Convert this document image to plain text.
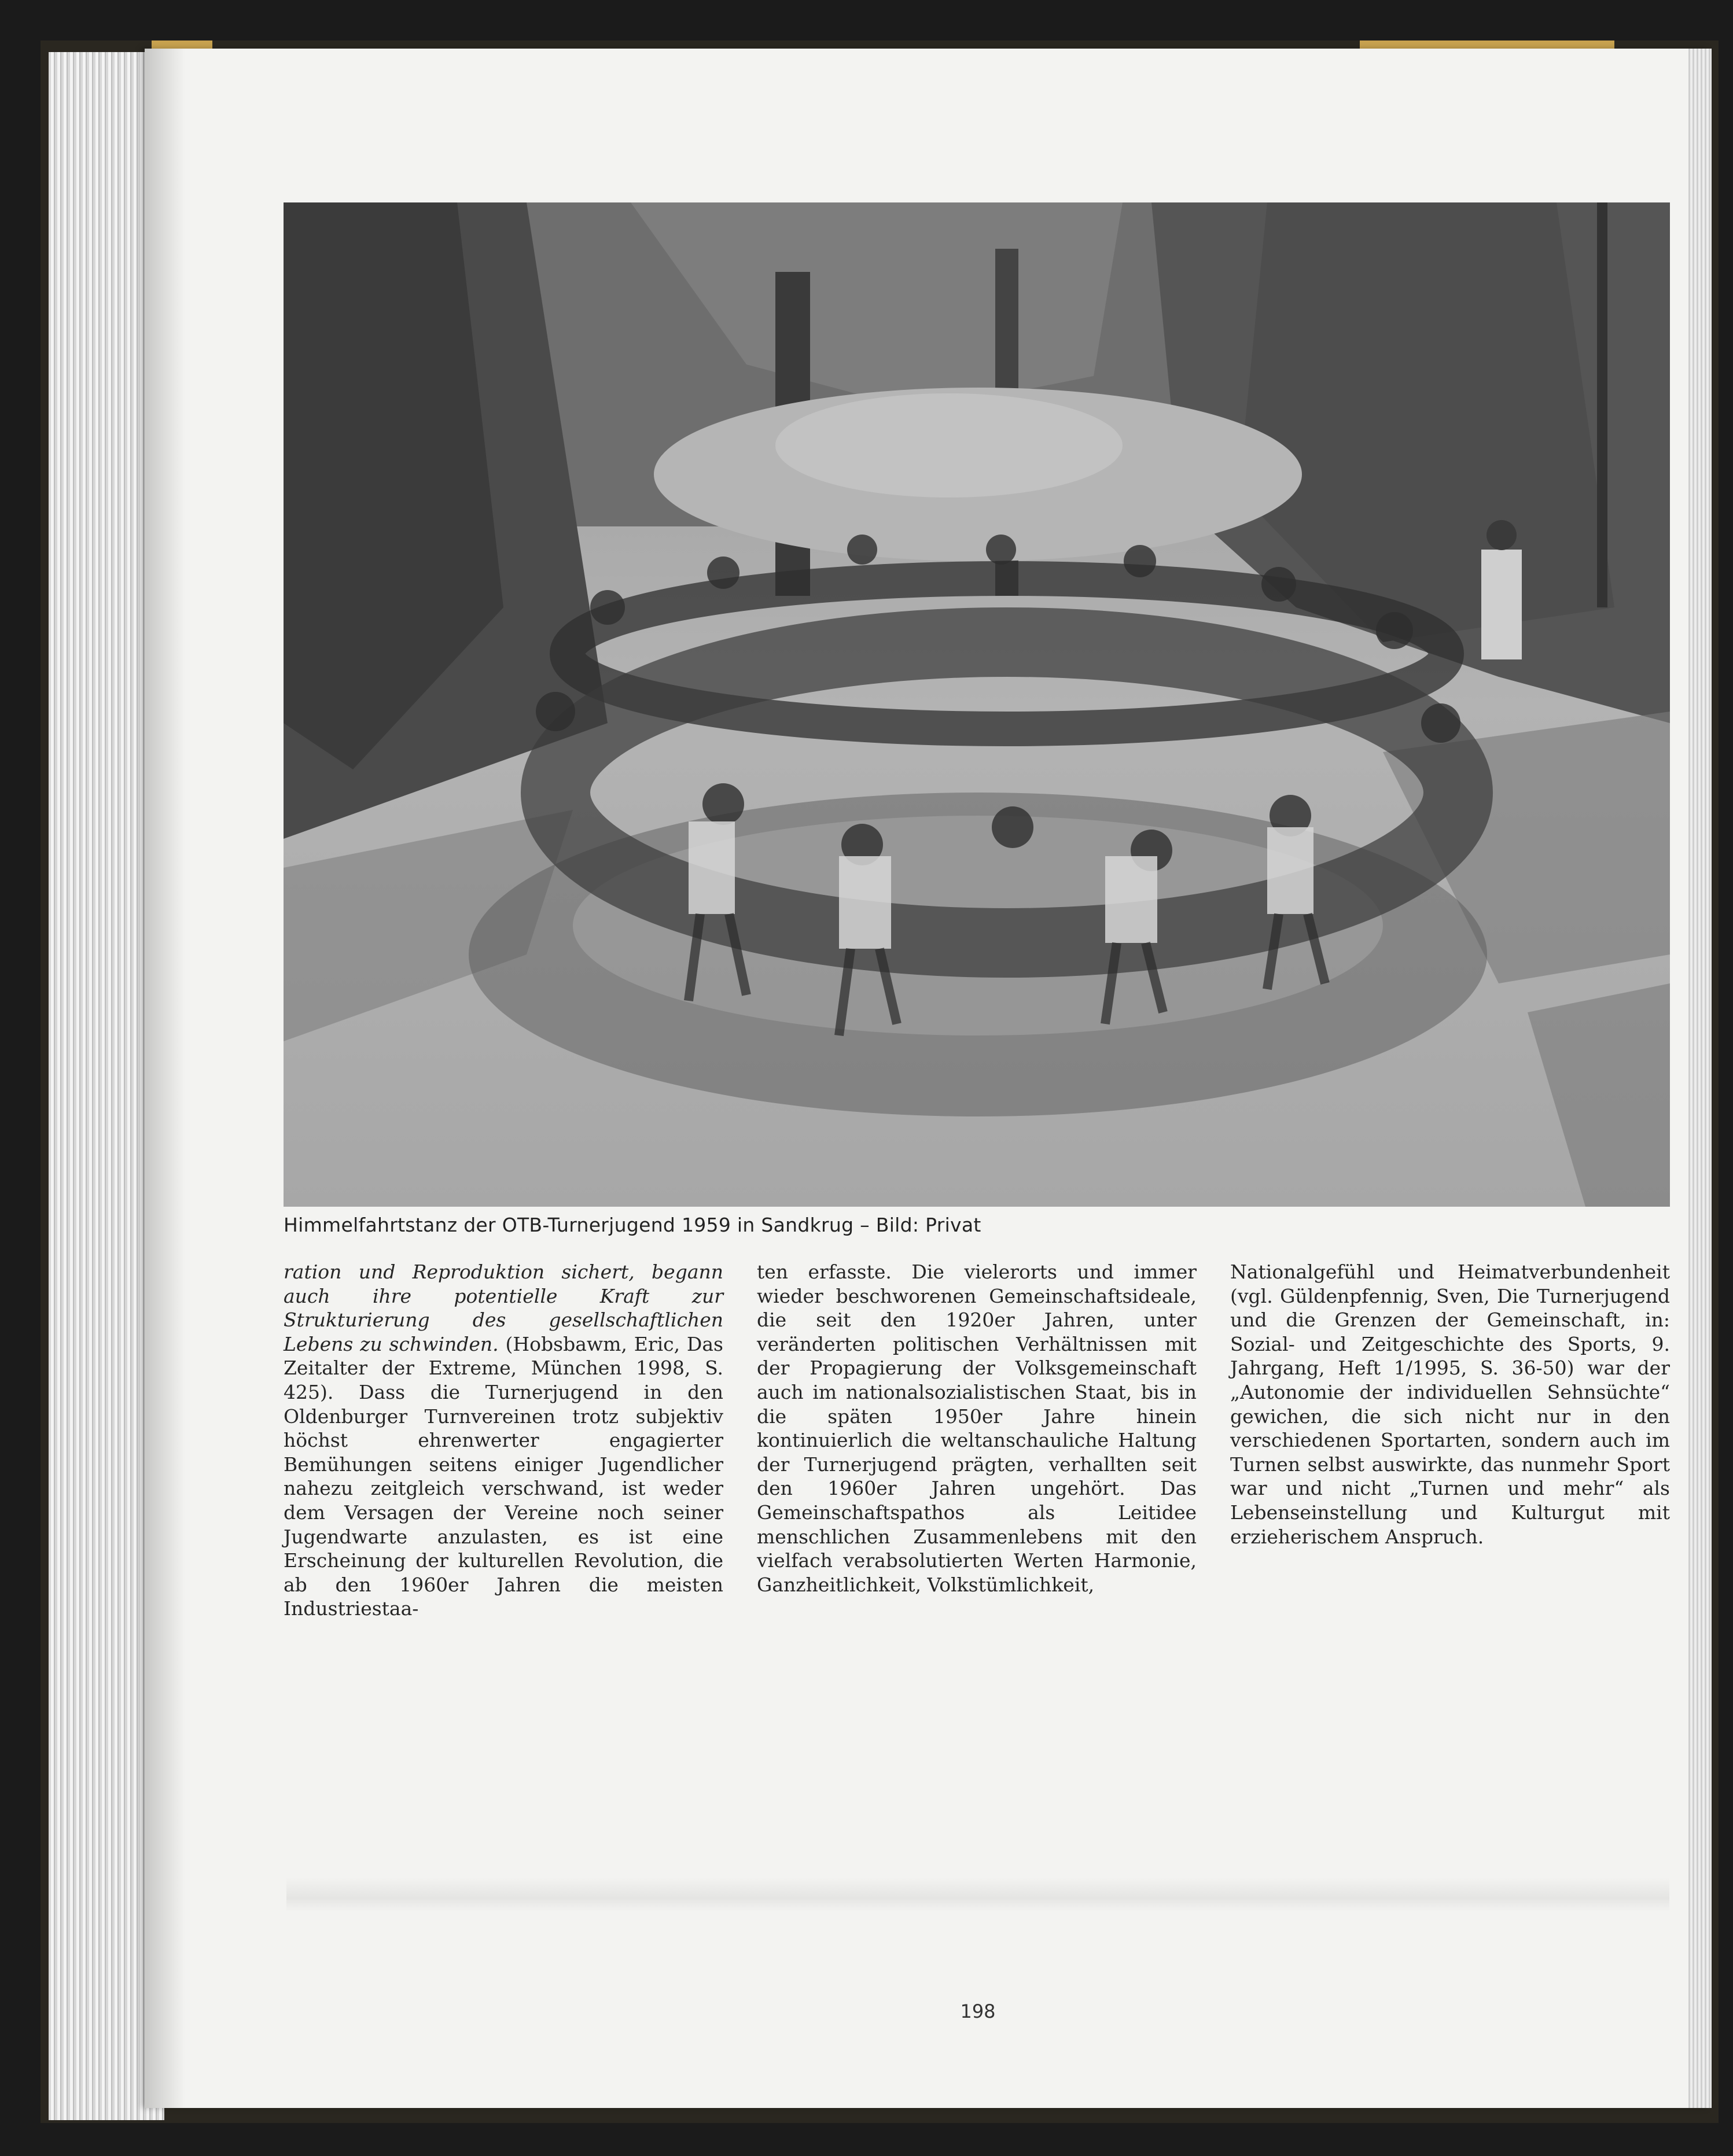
Himmelfahrtstanz der OTB-Turnerjugend 1959 in Sandkrug – Bild: Privat

ration und Reproduktion sichert, begann auch ihre potentielle Kraft zur Strukturierung des gesellschaftlichen Lebens zu schwinden. (Hobsbawm, Eric, Das Zeitalter der Extreme, München 1998, S. 425). Dass die Turnerjugend in den Oldenburger Turnvereinen trotz subjektiv höchst ehrenwerter engagierter Bemühungen seitens einiger Jugendlicher nahezu zeitgleich verschwand, ist weder dem Versagen der Vereine noch seiner Jugendwarte anzulasten, es ist eine Erscheinung der kulturellen Revolution, die ab den 1960er Jahren die meisten Industriestaa-

ten erfasste. Die vielerorts und immer wieder beschworenen Gemeinschaftsideale, die seit den 1920er Jahren, unter veränderten politischen Verhältnissen mit der Propagierung der Volksgemeinschaft auch im nationalsozialistischen Staat, bis in die späten 1950er Jahre hinein kontinuierlich die weltanschauliche Haltung der Turnerjugend prägten, verhallten seit den 1960er Jahren ungehört. Das Gemeinschaftspathos als Leitidee menschlichen Zusammenlebens mit den vielfach verabsolutierten Werten Harmonie, Ganzheitlichkeit, Volkstümlichkeit,

Nationalgefühl und Heimatverbundenheit (vgl. Güldenpfennig, Sven, Die Turnerjugend und die Grenzen der Gemeinschaft, in: Sozial- und Zeitgeschichte des Sports, 9. Jahrgang, Heft 1/1995, S. 36-50) war der „Autonomie der individuellen Sehnsüchte“ gewichen, die sich nicht nur in den verschiedenen Sportarten, sondern auch im Turnen selbst auswirkte, das nunmehr Sport war und nicht „Turnen und mehr“ als Lebenseinstellung und Kulturgut mit erzieherischem Anspruch.

198
